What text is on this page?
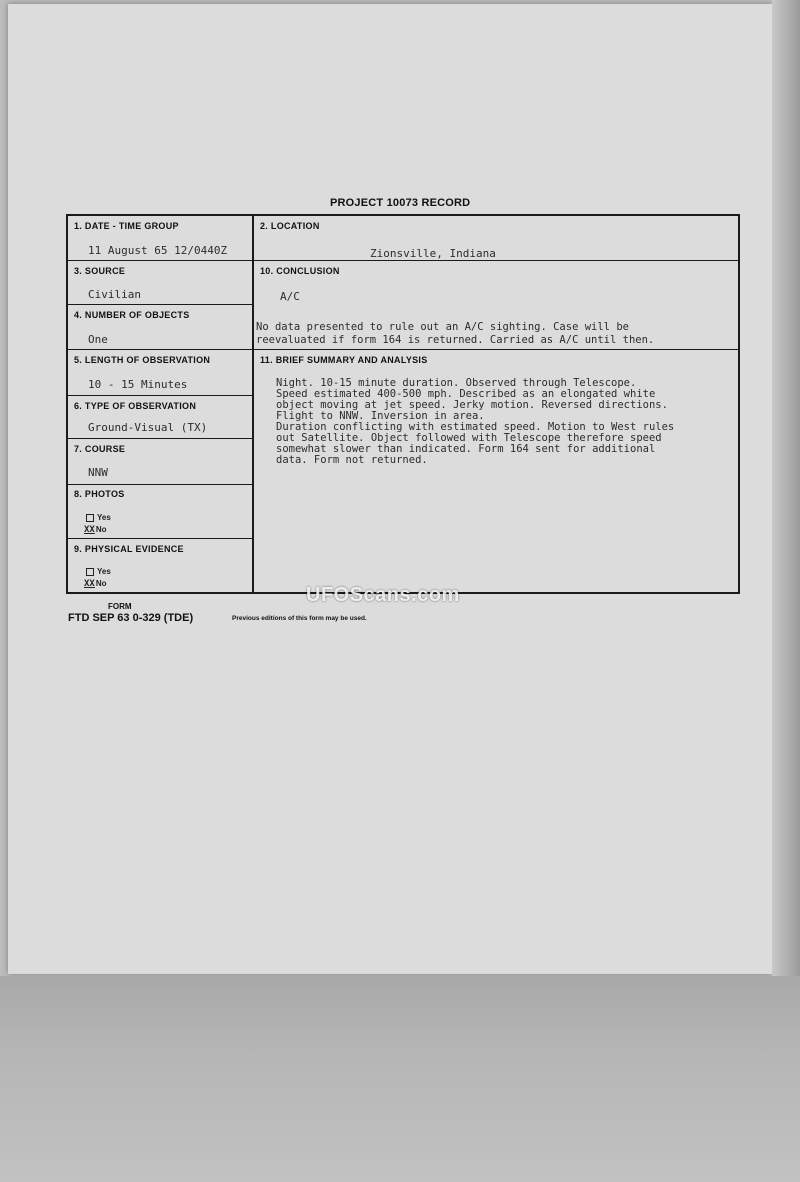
PROJECT 10073 RECORD
1. DATE - TIME GROUP
11 August 65 12/0440Z
3. SOURCE
Civilian
4. NUMBER OF OBJECTS
One
5. LENGTH OF OBSERVATION
10 - 15 Minutes
6. TYPE OF OBSERVATION
Ground-Visual (TX)
7. COURSE
NNW
8. PHOTOS
Yes
XXNo
9. PHYSICAL EVIDENCE
Yes
XXNo
2. LOCATION
Zionsville, Indiana
10. CONCLUSION
A/C
No data presented to rule out an A/C sighting. Case will be
reevaluated if form 164 is returned. Carried as A/C until then.
11. BRIEF SUMMARY AND ANALYSIS
Night. 10-15 minute duration. Observed through Telescope.
Speed estimated 400-500 mph. Described as an elongated white
object moving at jet speed. Jerky motion. Reversed directions.
Flight to NNW. Inversion in area.
Duration conflicting with estimated speed. Motion to West rules
out Satellite. Object followed with Telescope therefore speed
somewhat slower than indicated. Form 164 sent for additional
data. Form not returned.
FORM
FTD SEP 63 0-329 (TDE)	Previous editions of this form may be used.
UFOScans.com
